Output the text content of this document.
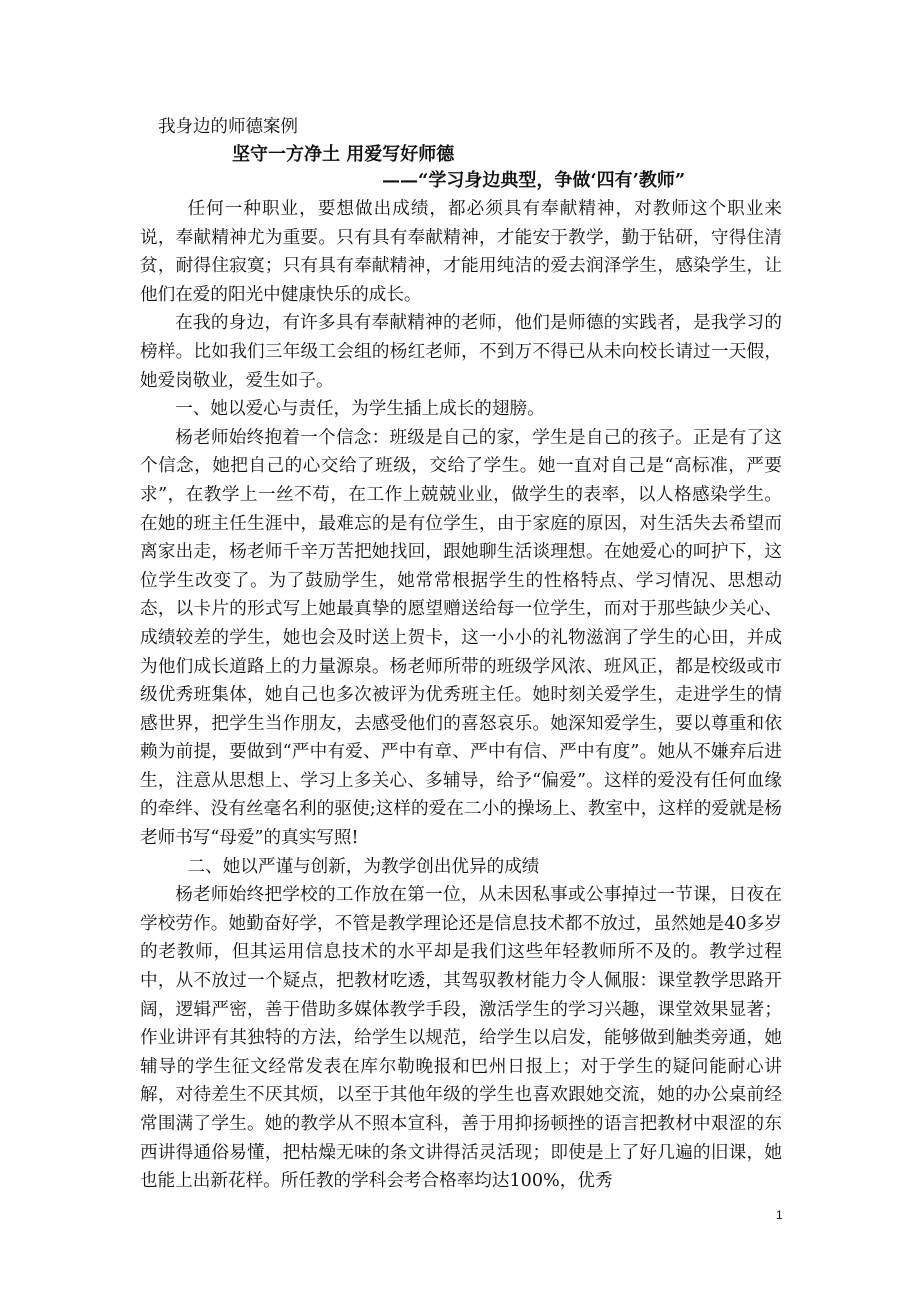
我身边的师德案例
坚守一方净土 用爱写好师德
——“学习身边典型，争做‘四有’教师”

任何一种职业，要想做出成绩，都必须具有奉献精神，对教师这个职业来说，奉献精神尤为重要。只有具有奉献精神，才能安于教学，勤于钻研，守得住清贫，耐得住寂寞；只有具有奉献精神，才能用纯洁的爱去润泽学生，感染学生，让他们在爱的阳光中健康快乐的成长。

在我的身边，有许多具有奉献精神的老师，他们是师德的实践者，是我学习的榜样。比如我们三年级工会组的杨红老师，不到万不得已从未向校长请过一天假，她爱岗敬业，爱生如子。

一、她以爱心与责任，为学生插上成长的翅膀。

杨老师始终抱着一个信念：班级是自己的家，学生是自己的孩子。正是有了这个信念，她把自己的心交给了班级，交给了学生。她一直对自己是“高标准，严要求”，在教学上一丝不苟，在工作上兢兢业业，做学生的表率，以人格感染学生。在她的班主任生涯中，最难忘的是有位学生，由于家庭的原因，对生活失去希望而离家出走，杨老师千辛万苦把她找回，跟她聊生活谈理想。在她爱心的呵护下，这位学生改变了。为了鼓励学生，她常常根据学生的性格特点、学习情况、思想动态，以卡片的形式写上她最真挚的愿望赠送给每一位学生，而对于那些缺少关心、成绩较差的学生，她也会及时送上贺卡，这一小小的礼物滋润了学生的心田，并成为他们成长道路上的力量源泉。杨老师所带的班级学风浓、班风正，都是校级或市级优秀班集体，她自己也多次被评为优秀班主任。她时刻关爱学生，走进学生的情感世界，把学生当作朋友，去感受他们的喜怒哀乐。她深知爱学生，要以尊重和依赖为前提，要做到“严中有爱、严中有章、严中有信、严中有度”。她从不嫌弃后进生，注意从思想上、学习上多关心、多辅导，给予“偏爱”。这样的爱没有任何血缘的牵绊、没有丝毫名利的驱使;这样的爱在二小的操场上、教室中，这样的爱就是杨老师书写“母爱”的真实写照!

二、她以严谨与创新，为教学创出优异的成绩

杨老师始终把学校的工作放在第一位，从未因私事或公事掉过一节课，日夜在学校劳作。她勤奋好学，不管是教学理论还是信息技术都不放过，虽然她是40多岁的老教师，但其运用信息技术的水平却是我们这些年轻教师所不及的。教学过程中，从不放过一个疑点，把教材吃透，其驾驭教材能力令人佩服：课堂教学思路开阔，逻辑严密，善于借助多媒体教学手段，激活学生的学习兴趣，课堂效果显著；作业讲评有其独特的方法，给学生以规范，给学生以启发，能够做到触类旁通，她辅导的学生征文经常发表在库尔勒晚报和巴州日报上；对于学生的疑问能耐心讲解，对待差生不厌其烦，以至于其他年级的学生也喜欢跟她交流，她的办公桌前经常围满了学生。她的教学从不照本宣科，善于用抑扬顿挫的语言把教材中艰涩的东西讲得通俗易懂，把枯燥无味的条文讲得活灵活现；即使是上了好几遍的旧课，她也能上出新花样。所任教的学科会考合格率均达100%，优秀

1
